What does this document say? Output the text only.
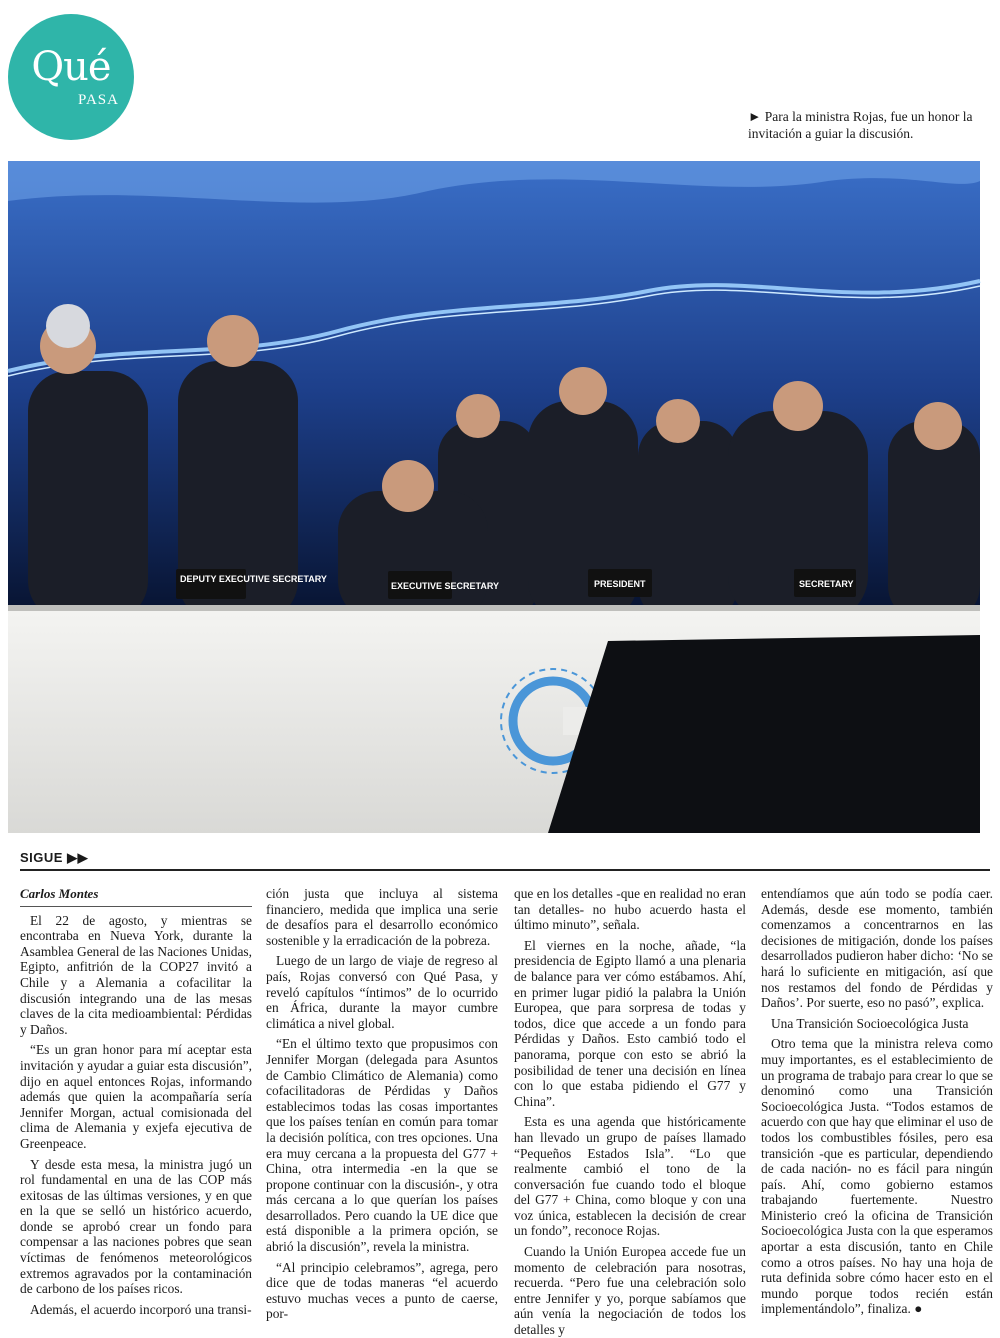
Qué
PASA
► Para la ministra Rojas, fue un honor la invitación a guiar la discusión.
DEPUTY EXECUTIVE SECRETARY
EXECUTIVE SECRETARY	PRESIDENT	SECRETARY
SIGUE ▶▶
Carlos Montes

El 22 de agosto, y mientras se encontraba en Nueva York, durante la Asamblea General de las Naciones Unidas, Egipto, anfitrión de la COP27 invitó a Chile y a Alemania a cofacilitar la discusión integrando una de las mesas claves de la cita medioambiental: Pérdidas y Daños.

“Es un gran honor para mí aceptar esta invitación y ayudar a guiar esta discusión”, dijo en aquel entonces Rojas, informando además que quien la acompañaría sería Jennifer Morgan, actual comisionada del clima de Alemania y exjefa ejecutiva de Greenpeace.

Y desde esta mesa, la ministra jugó un rol fundamental en una de las COP más exitosas de las últimas versiones, y en que en la que se selló un histórico acuerdo, donde se aprobó crear un fondo para compensar a las naciones pobres que sean víctimas de fenómenos meteorológicos extremos agravados por la contaminación de carbono de los países ricos.

Además, el acuerdo incorporó una transi-

ción justa que incluya al sistema financiero, medida que implica una serie de desafíos para el desarrollo económico sostenible y la erradicación de la pobreza.

Luego de un largo de viaje de regreso al país, Rojas conversó con Qué Pasa, y reveló capítulos “íntimos” de lo ocurrido en África, durante la mayor cumbre climática a nivel global.

“En el último texto que propusimos con Jennifer Morgan (delegada para Asuntos de Cambio Climático de Alemania) como cofacilitadoras de Pérdidas y Daños establecimos todas las cosas importantes que los países tenían en común para tomar la decisión política, con tres opciones. Una era muy cercana a la propuesta del G77 + China, otra intermedia -en la que se propone continuar con la discusión-, y otra más cercana a lo que querían los países desarrollados. Pero cuando la UE dice que está disponible a la primera opción, se abrió la discusión”, revela la ministra.

“Al principio celebramos”, agrega, pero dice que de todas maneras “el acuerdo estuvo muchas veces a punto de caerse, por-

que en los detalles -que en realidad no eran tan detalles- no hubo acuerdo hasta el último minuto”, señala.

El viernes en la noche, añade, “la presidencia de Egipto llamó a una plenaria de balance para ver cómo estábamos. Ahí, en primer lugar pidió la palabra la Unión Europea, que para sorpresa de todas y todos, dice que accede a un fondo para Pérdidas y Daños. Esto cambió todo el panorama, porque con esto se abrió la posibilidad de tener una decisión en línea con lo que estaba pidiendo el G77 y China”.

Esta es una agenda que históricamente han llevado un grupo de países llamado “Pequeños Estados Isla”. “Lo que realmente cambió el tono de la conversación fue cuando todo el bloque del G77 + China, como bloque y con una voz única, establecen la decisión de crear un fondo”, reconoce Rojas.

Cuando la Unión Europea accede fue un momento de celebración para nosotras, recuerda. “Pero fue una celebración solo entre Jennifer y yo, porque sabíamos que aún venía la negociación de todos los detalles y

entendíamos que aún todo se podía caer. Además, desde ese momento, también comenzamos a concentrarnos en las decisiones de mitigación, donde los países desarrollados pudieron haber dicho: ‘No se hará lo suficiente en mitigación, así que nos restamos del fondo de Pérdidas y Daños’. Por suerte, eso no pasó”, explica.

Una Transición Socioecológica Justa

Otro tema que la ministra releva como muy importantes, es el establecimiento de un programa de trabajo para crear lo que se denominó como una Transición Socioecológica Justa. “Todos estamos de acuerdo con que hay que eliminar el uso de todos los combustibles fósiles, pero esa transición -que es particular, dependiendo de cada nación- no es fácil para ningún país. Ahí, como gobierno estamos trabajando fuertemente. Nuestro Ministerio creó la oficina de Transición Socioecológica Justa con la que esperamos aportar a esta discusión, tanto en Chile como a otros países. No hay una hoja de ruta definida sobre cómo hacer esto en el mundo porque todos recién están implementándolo”, finaliza. ●
